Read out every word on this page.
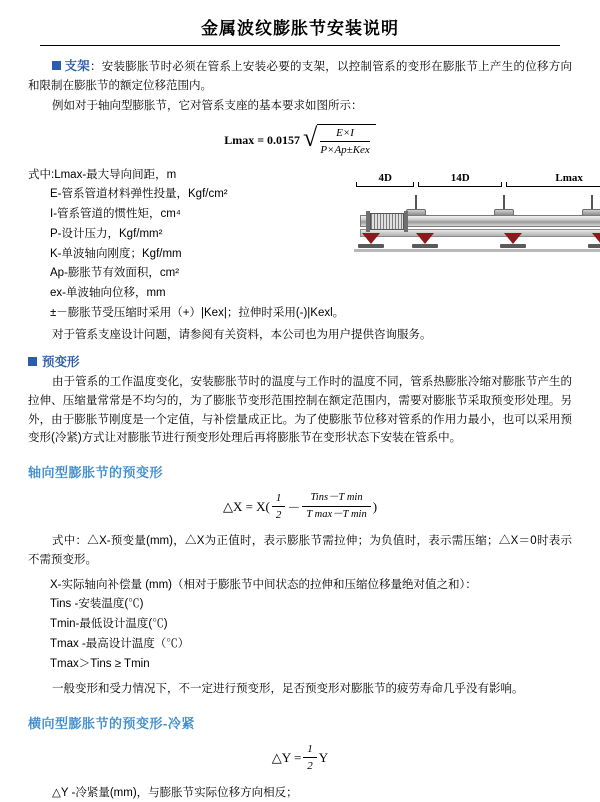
金属波纹膨胀节安装说明
支架：安装膨胀节时必须在管系上安装必要的支架，以控制管系的变形在膨胀节上产生的位移方向和限制在膨胀节的额定位移范围内。
例如对于轴向型膨胀节，它对管系支座的基本要求如图所示：
Lmax = 0.0157 √ E×I
P×Ap±Kex
式中:Lmax-最大导向间距，m
E-管系管道材料弹性投量，Kgf/cm²
I-管系管道的惯性矩，cm⁴
P-设计压力，Kgf/mm²
K-单波轴向刚度；Kgf/mm
Ap-膨胀节有效面积，cm²
ex-单波轴向位移，mm
±－膨胀节受压缩时采用（+）|Kex|；拉伸时采用(-)|Kexl。
4D	14D	Lmax
对于管系支座设计问题，请参阅有关资料，本公司也为用户提供咨询服务。
预变形
由于管系的工作温度变化，安装膨胀节时的温度与工作时的温度不同，管系热膨胀冷缩对膨胀节产生的拉伸、压缩量常常是不均匀的，为了膨胀节变形范围控制在额定范围内，需要对膨胀节采取预变形处理。另外，由于膨胀节刚度是一个定值，与补偿量成正比。为了使膨胀节位移对管系的作用力最小，也可以采用预变形(冷紧)方式让对膨胀节进行预变形处理后再将膨胀节在变形状态下安装在管系中。
轴向型膨胀节的预变形
△X = $X( \frac{1}{2} - \frac{\text{Tins－T min}}{\text{T max－T min}}$ )
式中：△X-预变量(mm)，△X为正值时，表示膨胀节需拉伸；为负值时，表示需压缩；△X＝0时表示不需预变形。
X-实际轴向补偿量 (mm)（相对于膨胀节中间状态的拉伸和压缩位移量绝对值之和）：
Tins -安装温度(℃)
Tmin-最低设计温度(℃)
Tmax -最高设计温度（℃）
Tmax＞Tins ≥ Tmin
一般变形和受力情况下，不一定进行预变形，足否预变形对膨胀节的疲劳寿命几乎没有影响。
横向型膨胀节的预变形-冷紧
△Y = $\frac{1}{2}$ Y
△Y -冷紧量(mm)，与膨胀节实际位移方向相反；
